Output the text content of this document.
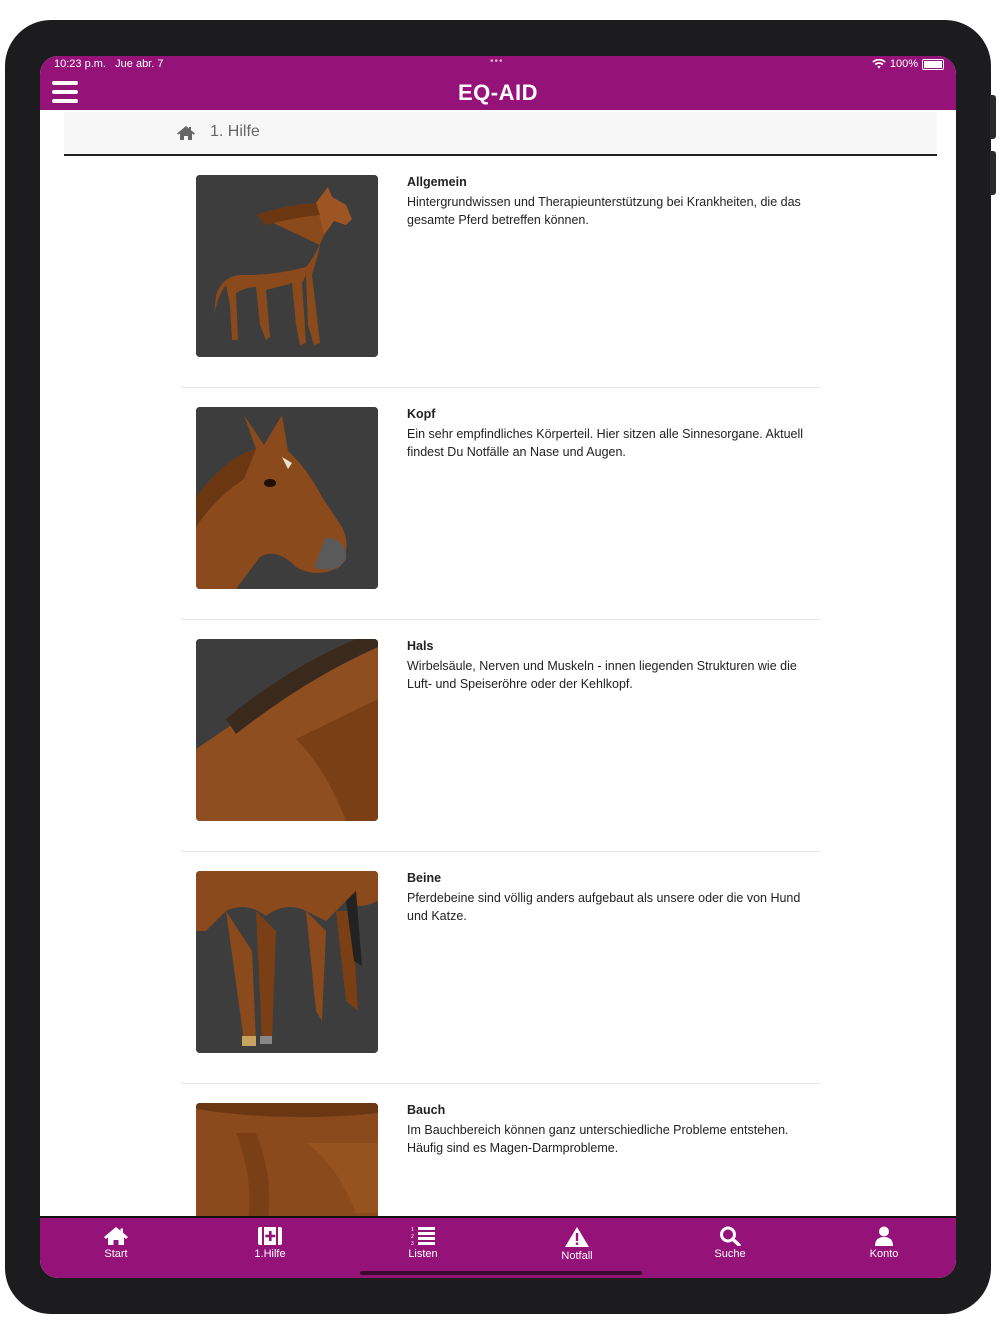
10:23 p.m. Jue abr. 7	•••	100%
EQ-AID
1. Hilfe
Allgemein
Hintergrundwissen und Therapieunterstützung bei Krankheiten, die das gesamte Pferd betreffen können.
Kopf
Ein sehr empfindliches Körperteil. Hier sitzen alle Sinnesorgane. Aktuell findest Du Notfälle an Nase und Augen.
Hals
Wirbelsäule, Nerven und Muskeln - innen liegenden Strukturen wie die Luft- und Speiseröhre oder der Kehlkopf.
Beine
Pferdebeine sind völlig anders aufgebaut als unsere oder die von Hund und Katze.
Bauch
Im Bauchbereich können ganz unterschiedliche Probleme entstehen. Häufig sind es Magen-Darmprobleme.
Start	1.Hilfe
1
2
3
Listen	Notfall	Suche	Konto
